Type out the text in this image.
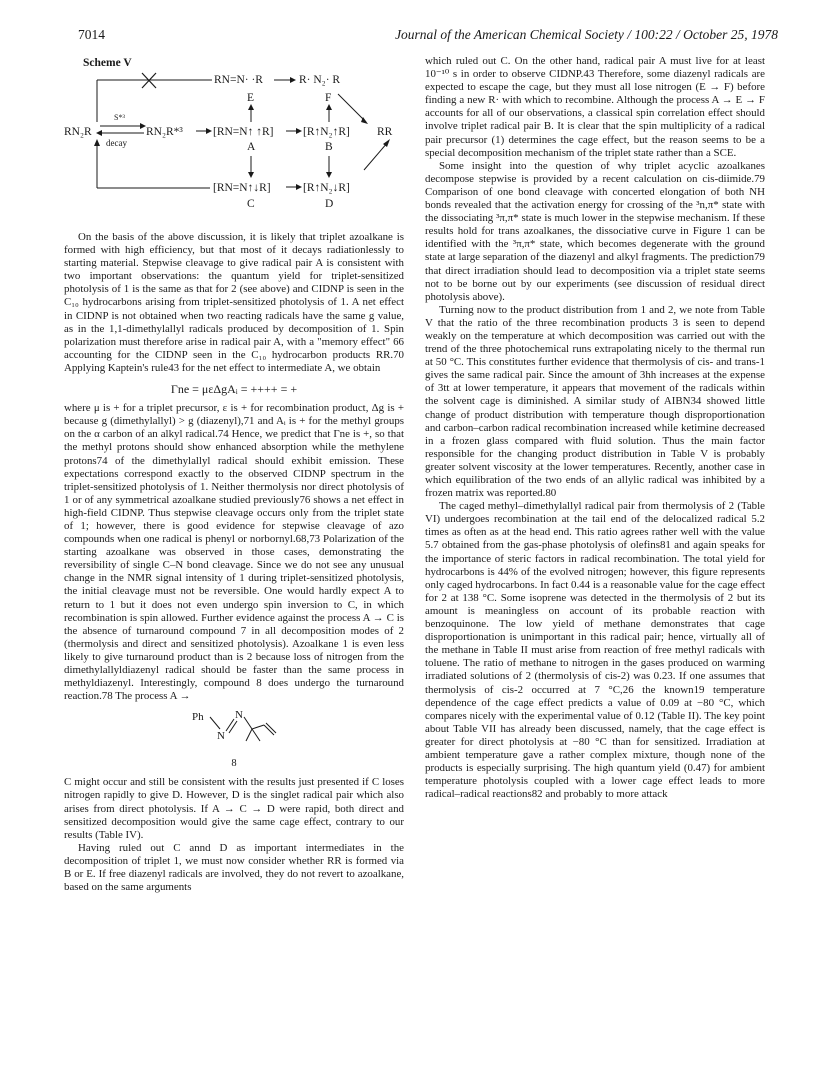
7014	Journal of the American Chemical Society / 100:22 / October 25, 1978
Scheme V
RN=N· ·R	R· N₂· R
E	F
RN₂R
S*³
decay
RN₂R*³	[RN=N↑ ↑R]	[R↑N₂↑R] RR
A	B
[RN=N↑↓R]	[R↑N₂↓R]
C	D

On the basis of the above discussion, it is likely that triplet azoalkane is formed with high efficiency, but that most of it decays radiationlessly to starting material. Stepwise cleavage to give radical pair A is consistent with two important observations: the quantum yield for triplet-sensitized photolysis of 1 is the same as that for 2 (see above) and CIDNP is seen in the C₁₀ hydrocarbons arising from triplet-sensitized photolysis of 1. A net effect in CIDNP is not obtained when two reacting radicals have the same g value, as in the 1,1-dimethylallyl radicals produced by decomposition of 1. Spin polarization must therefore arise in radical pair A, with a "memory effect" 66 accounting for the CIDNP seen in the C₁₀ hydrocarbon products RR.70 Applying Kaptein's rule43 for the net effect to intermediate A, we obtain

Γne = μεΔgAᵢ = ++++ = +

where μ is + for a triplet precursor, ε is + for recombination product, Δg is + because g (dimethylallyl) > g (diazenyl),71 and Aᵢ is + for the methyl groups on the α carbon of an alkyl radical.74 Hence, we predict that Γne is +, so that the methyl protons should show enhanced absorption while the methylene protons74 of the dimethylallyl radical should exhibit emission. These expectations correspond exactly to the observed CIDNP spectrum in the triplet-sensitized photolysis of 1. Neither thermolysis nor direct photolysis of 1 or of any symmetrical azoalkane studied previously76 shows a net effect in high-field CIDNP. Thus stepwise cleavage occurs only from the triplet state of 1; however, there is good evidence for stepwise cleavage of azo compounds when one radical is phenyl or norbornyl.68,73 Polarization of the starting azoalkane was observed in those cases, demonstrating the reversibility of single C–N bond cleavage. Since we do not see any unusual change in the NMR signal intensity of 1 during triplet-sensitized photolysis, the initial cleavage must not be reversible. One would hardly expect A to return to 1 but it does not even undergo spin inversion to C, in which recombination is spin allowed. Further evidence against the process A → C is the absence of turnaround compound 7 in all decomposition modes of 2 (thermolysis and direct and sensitized photolysis). Azoalkane 1 is even less likely to give turnaround product than is 2 because loss of nitrogen from the dimethylallyldiazenyl radical should be faster than the same process in methyldiazenyl. Interestingly, compound 8 does undergo the turnaround reaction.78 The process A →

Ph
N
N
8

C might occur and still be consistent with the results just presented if C loses nitrogen rapidly to give D. However, D is the singlet radical pair which also arises from direct photolysis. If A → C → D were rapid, both direct and sensitized decomposition would give the same cage effect, contrary to our results (Table IV).

Having ruled out C annd D as important intermediates in the decomposition of triplet 1, we must now consider whether RR is formed via B or E. If free diazenyl radicals are involved, they do not revert to azoalkane, based on the same arguments

which ruled out C. On the other hand, radical pair A must live for at least 10⁻¹⁰ s in order to observe CIDNP.43 Therefore, some diazenyl radicals are expected to escape the cage, but they must all lose nitrogen (E → F) before finding a new R· with which to recombine. Although the process A → E → F accounts for all of our observations, a classical spin correlation effect should involve triplet radical pair B. It is clear that the spin multiplicity of a radical pair precursor (1) determines the cage effect, but the reason seems to be a special decomposition mechanism of the triplet state rather than a SCE.

Some insight into the question of why triplet acyclic azoalkanes decompose stepwise is provided by a recent calculation on cis-diimide.79 Comparison of one bond cleavage with concerted elongation of both NH bonds revealed that the activation energy for crossing of the ³n,π* state with the dissociating ³π,π* state is much lower in the stepwise mechanism. If these results hold for trans azoalkanes, the dissociative curve in Figure 1 can be identified with the ³π,π* state, which becomes degenerate with the ground state at large separation of the diazenyl and alkyl fragments. The prediction79 that direct irradiation should lead to decomposition via a triplet state seems not to be borne out by our experiments (see discussion of residual direct photolysis above).

Turning now to the product distribution from 1 and 2, we note from Table V that the ratio of the three recombination products 3 is seen to depend weakly on the temperature at which decomposition was carried out with the trend of the three photochemical runs extrapolating nicely to the thermal run at 50 °C. This constitutes further evidence that thermolysis of cis- and trans-1 gives the same radical pair. Since the amount of 3hh increases at the expense of 3tt at lower temperature, it appears that movement of the radicals within the solvent cage is diminished. A similar study of AIBN34 showed little change of product distribution with temperature though disproportionation and carbon–carbon radical recombination increased while ketimine decreased in a frozen glass compared with fluid solution. Thus the main factor responsible for the changing product distribution in Table V is probably greater solvent viscosity at the lower temperatures. Recently, another case in which equilibration of the two ends of an allylic radical was inhibited by a frozen matrix was reported.80

The caged methyl–dimethylallyl radical pair from thermolysis of 2 (Table VI) undergoes recombination at the tail end of the delocalized radical 5.2 times as often as at the head end. This ratio agrees rather well with the value 5.7 obtained from the gas-phase photolysis of olefins81 and again speaks for the importance of steric factors in radical recombination. The total yield for hydrocarbons is 44% of the evolved nitrogen; however, this figure represents only caged hydrocarbons. In fact 0.44 is a reasonable value for the cage effect for 2 at 138 °C. Some isoprene was detected in the thermolysis of 2 but its amount is meaningless on account of its probable reaction with benzoquinone. The low yield of methane demonstrates that cage disproportionation is unimportant in this radical pair; hence, virtually all of the methane in Table II must arise from reaction of free methyl radicals with toluene. The ratio of methane to nitrogen in the gases produced on warming irradiated solutions of 2 (thermolysis of cis-2) was 0.23. If one assumes that thermolysis of cis-2 occurred at 7 °C,26 the known19 temperature dependence of the cage effect predicts a value of 0.09 at −80 °C, which compares nicely with the experimental value of 0.12 (Table II). The key point about Table VII has already been discussed, namely, that the cage effect is greater for direct photolysis at −80 °C than for sensitized. Irradiation at ambient temperature gave a rather complex mixture, though none of the products is especially surprising. The high quantum yield (0.47) for ambient temperature photolysis coupled with a lower cage effect leads to more radical–radical reactions82 and probably to more attack
